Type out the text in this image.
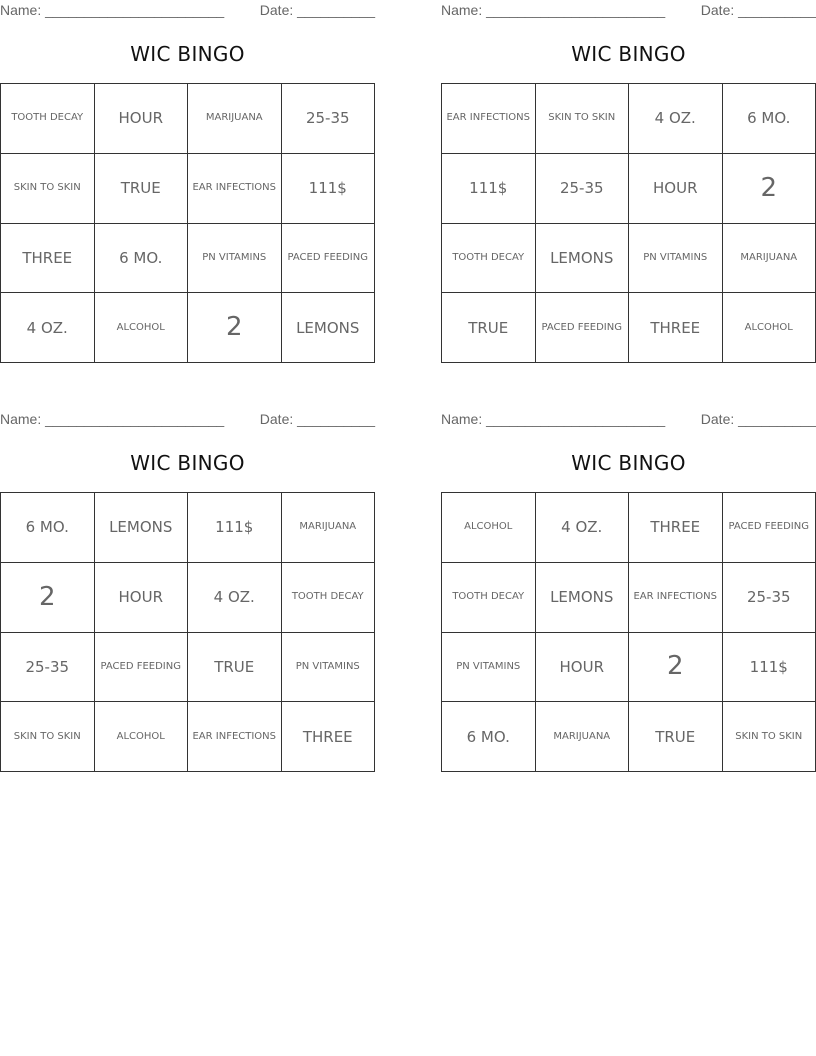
Name: _______________________	Date: __________
WIC BINGO
TOOTH DECAY	HOUR	MARIJUANA	25-35
SKIN TO SKIN	TRUE	EAR INFECTIONS	111$
THREE	6 MO.	PN VITAMINS	PACED FEEDING
4 OZ.	ALCOHOL	2	LEMONS
Name: _______________________	Date: __________
WIC BINGO
EAR INFECTIONS	SKIN TO SKIN	4 OZ.	6 MO.
111$	25-35	HOUR	2
TOOTH DECAY	LEMONS	PN VITAMINS	MARIJUANA
TRUE	PACED FEEDING	THREE	ALCOHOL
Name: _______________________	Date: __________
WIC BINGO
6 MO.	LEMONS	111$	MARIJUANA
2	HOUR	4 OZ.	TOOTH DECAY
25-35	PACED FEEDING	TRUE	PN VITAMINS
SKIN TO SKIN	ALCOHOL	EAR INFECTIONS	THREE
Name: _______________________	Date: __________
WIC BINGO
ALCOHOL	4 OZ.	THREE	PACED FEEDING
TOOTH DECAY	LEMONS	EAR INFECTIONS	25-35
PN VITAMINS	HOUR	2	111$
6 MO.	MARIJUANA	TRUE	SKIN TO SKIN
